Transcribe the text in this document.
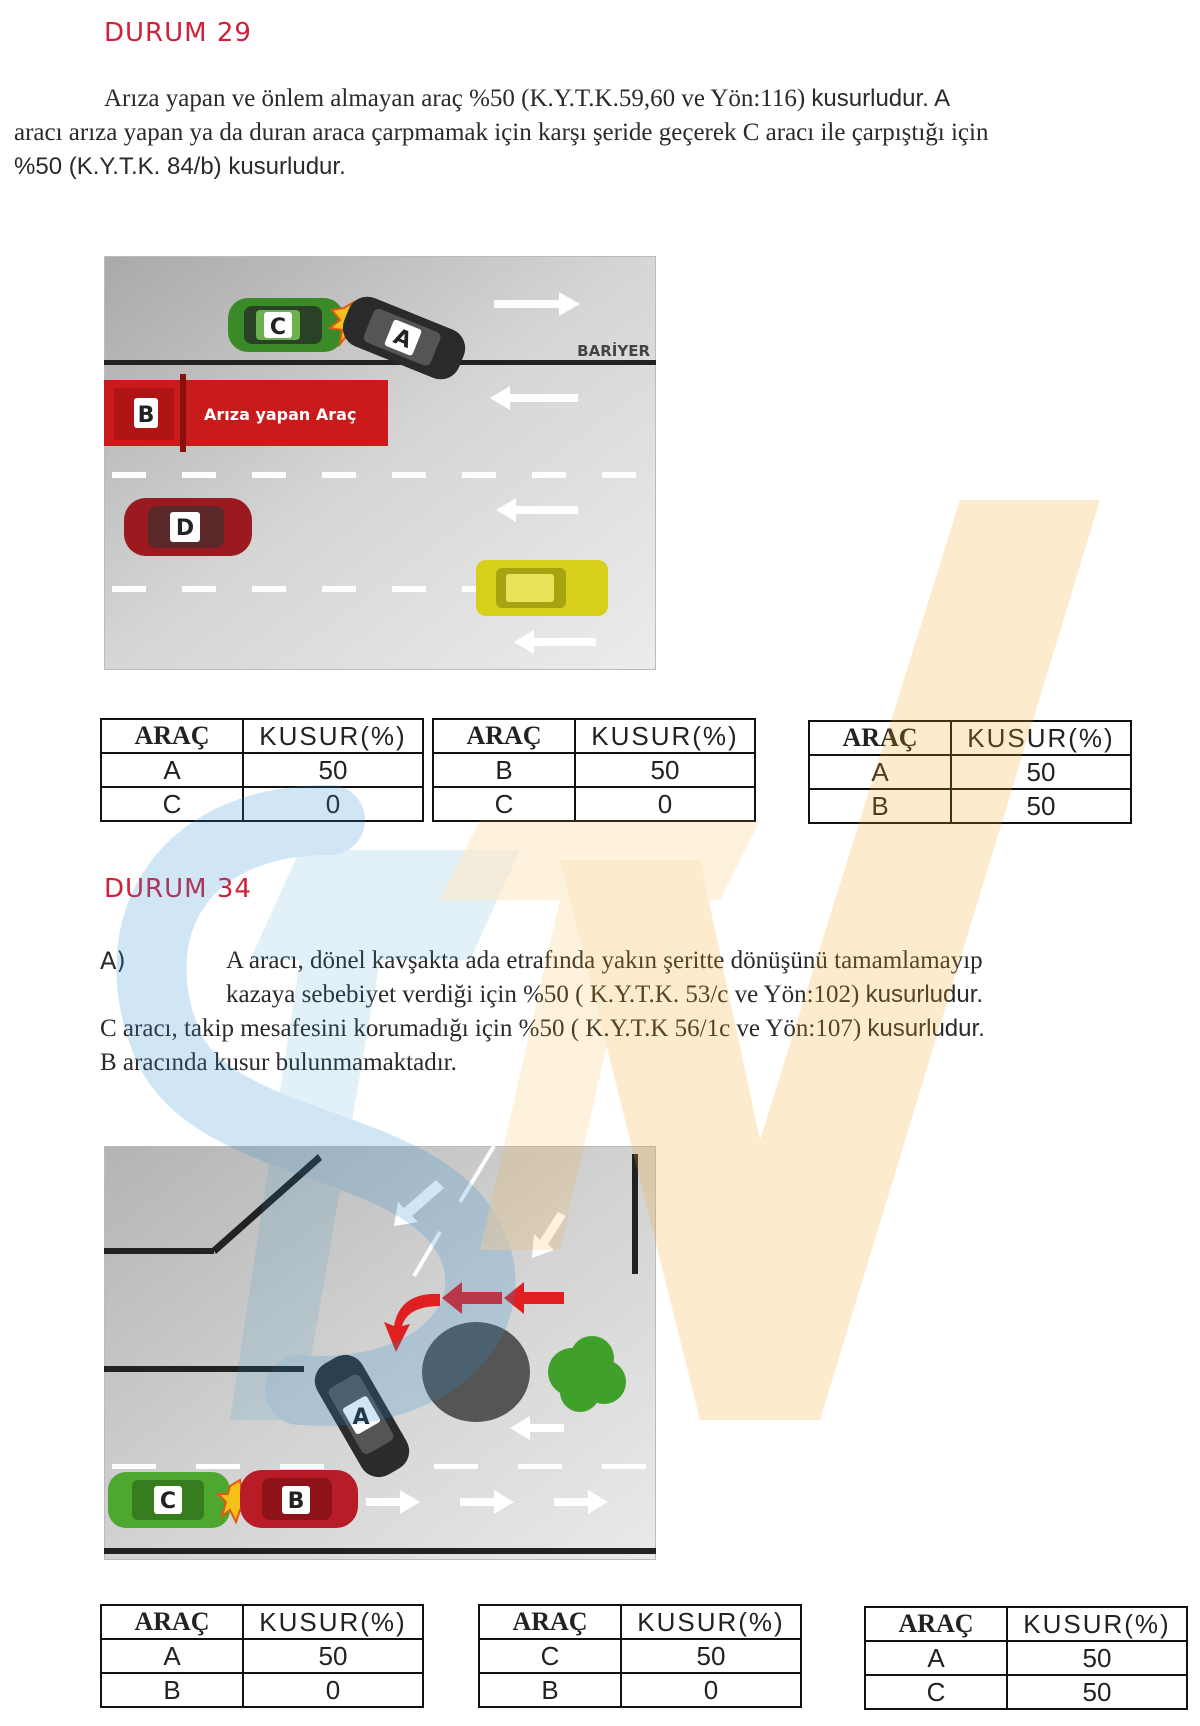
DURUM 29
Arıza yapan ve önlem almayan araç %50 (K.Y.T.K.59,60 ve Yön:116) kusurludur. A
aracı arıza yapan ya da duran araca çarpmamak için karşı şeride geçerek C aracı ile çarpıştığı için
%50 (K.Y.T.K. 84/b) kusurludur.
BARİYER
C	A
B	Arıza yapan Araç
D
ARAÇ	KUSUR(%)
A	50
C	0
ARAÇ	KUSUR(%)
B	50
C	0
ARAÇ	KUSUR(%)
A	50
B	50
DURUM 34
A)	A aracı, dönel kavşakta ada etrafında yakın şeritte dönüşünü tamamlamayıp
kazaya sebebiyet verdiği için %50 ( K.Y.T.K. 53/c ve Yön:102) kusurludur.
C aracı, takip mesafesini korumadığı için %50 ( K.Y.T.K 56/1c ve Yön:107) kusurludur.
B aracında kusur bulunmamaktadır.
A
C	B
ARAÇ	KUSUR(%)
A	50
B	0
ARAÇ	KUSUR(%)
C	50
B	0
ARAÇ	KUSUR(%)
A	50
C	50
